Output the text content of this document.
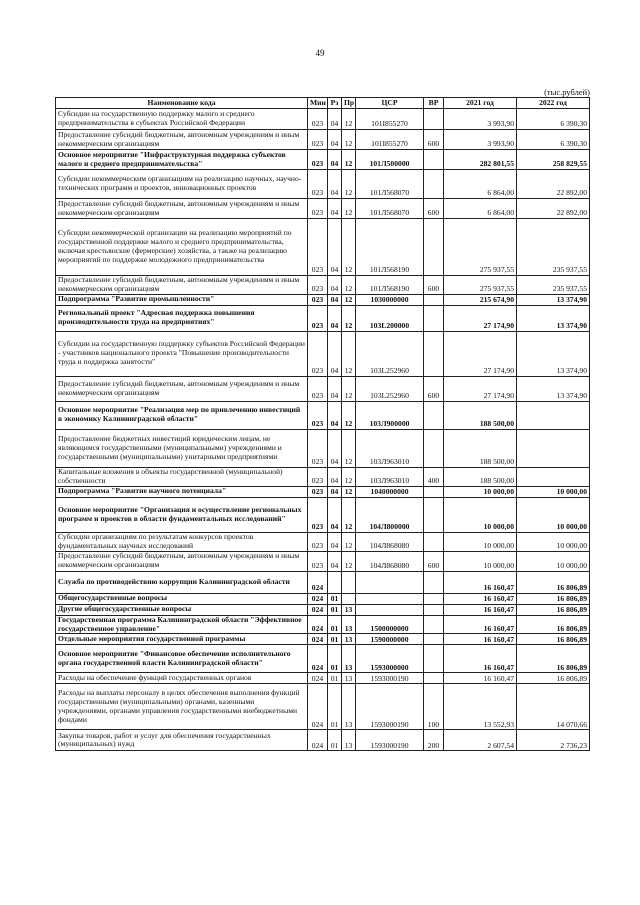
49
(тыс.рублей)
Наименование кода	Мин	Рз	Пр	ЦСР	ВР	2021 год	2022 год
Субсидии на государственную поддержку малого и среднего предпринимательства в субъектах Российской Федерации	023	04	12	101I855270		3 993,90	6 390,30
Предоставление субсидий бюджетным, автономным учреждениям и иным некоммерческим организациям	023	04	12	101I855270	600	3 993,90	6 390,30
Основное мероприятие "Инфраструктурная поддержка субъектов малого и среднего предпринимательства"	023	04	12	101Л500000		282 801,55	258 829,55
Субсидии некоммерческим организациям на реализацию научных, научно-технических программ и проектов, инновационных проектов	023	04	12	101Л568070		6 864,00	22 892,00
Предоставление субсидий бюджетным, автономным учреждениям и иным некоммерческим организациям	023	04	12	101Л568070	600	6 864,00	22 892,00
Субсидии некоммерческой организации на реализацию мероприятий по государственной поддержке малого и среднего предпринимательства, включая крестьянские (фермерские) хозяйства, а также на реализацию мероприятий по поддержке молодежного предпринимательства	023	04	12	101Л568190		275 937,55	235 937,55
Предоставление субсидий бюджетным, автономным учреждениям и иным некоммерческим организациям	023	04	12	101Л568190	600	275 937,55	235 937,55
Подпрограмма "Развитие промышленности"	023	04	12	1030000000		215 674,90	13 374,90
Региональный проект "Адресная поддержка повышения производительности труда на предприятиях"	023	04	12	103L200000		27 174,90	13 374,90
Субсидии на государственную поддержку субъектов Российской Федерации - участников национального проекта "Повышение производительности труда и поддержка занятости"	023	04	12	103L252960		27 174,90	13 374,90
Предоставление субсидий бюджетным, автономным учреждениям и иным некоммерческим организациям	023	04	12	103L252960	600	27 174,90	13 374,90
Основное мероприятие "Реализация мер по привлечению инвестиций в экономику Калининградской области"	023	04	12	103Л900000		188 500,00	
Предоставление бюджетных инвестиций юридическим лицам, не являющимся государственными (муниципальными) учреждениями и государственными (муниципальными) унитарными предприятиями	023	04	12	103Л963010		188 500,00	
Капитальные вложения в объекты государственной (муниципальной) собственности	023	04	12	103Л963010	400	188 500,00	
Подпрограмма "Развитие научного потенциала"	023	04	12	1040000000		10 000,00	10 000,00
Основное мероприятие "Организация и осуществление региональных программ и проектов в области фундаментальных исследований"	023	04	12	104Л800000		10 000,00	10 000,00
Субсидии организациям по результатам конкурсов проектов фундаментальных научных исследований	023	04	12	104Л868080		10 000,00	10 000,00
Предоставление субсидий бюджетным, автономным учреждениям и иным некоммерческим организациям	023	04	12	104Л868080	600	10 000,00	10 000,00
Служба по противодействию коррупции Калининградской области	024					16 160,47	16 806,89
Общегосударственные вопросы	024	01				16 160,47	16 806,89
Другие общегосударственные вопросы	024	01	13			16 160,47	16 806,89
Государственная программа Калининградской области "Эффективное государственное управление"	024	01	13	1500000000		16 160,47	16 806,89
Отдельные мероприятия государственной программы	024	01	13	1590000000		16 160,47	16 806,89
Основное мероприятие "Финансовое обеспечение исполнительного органа государственной власти Калининградской области"	024	01	13	1593000000		16 160,47	16 806,89
Расходы на обеспечение функций государственных органов	024	01	13	1593000190		16 160,47	16 806,89
Расходы на выплаты персоналу в целях обеспечения выполнения функций государственными (муниципальными) органами, казенными учреждениями, органами управления государственными внебюджетными фондами	024	01	13	1593000190	100	13 552,93	14 070,66
Закупка товаров, работ и услуг для обеспечения государственных (муниципальных) нужд	024	01	13	1593000190	200	2 607,54	2 736,23
